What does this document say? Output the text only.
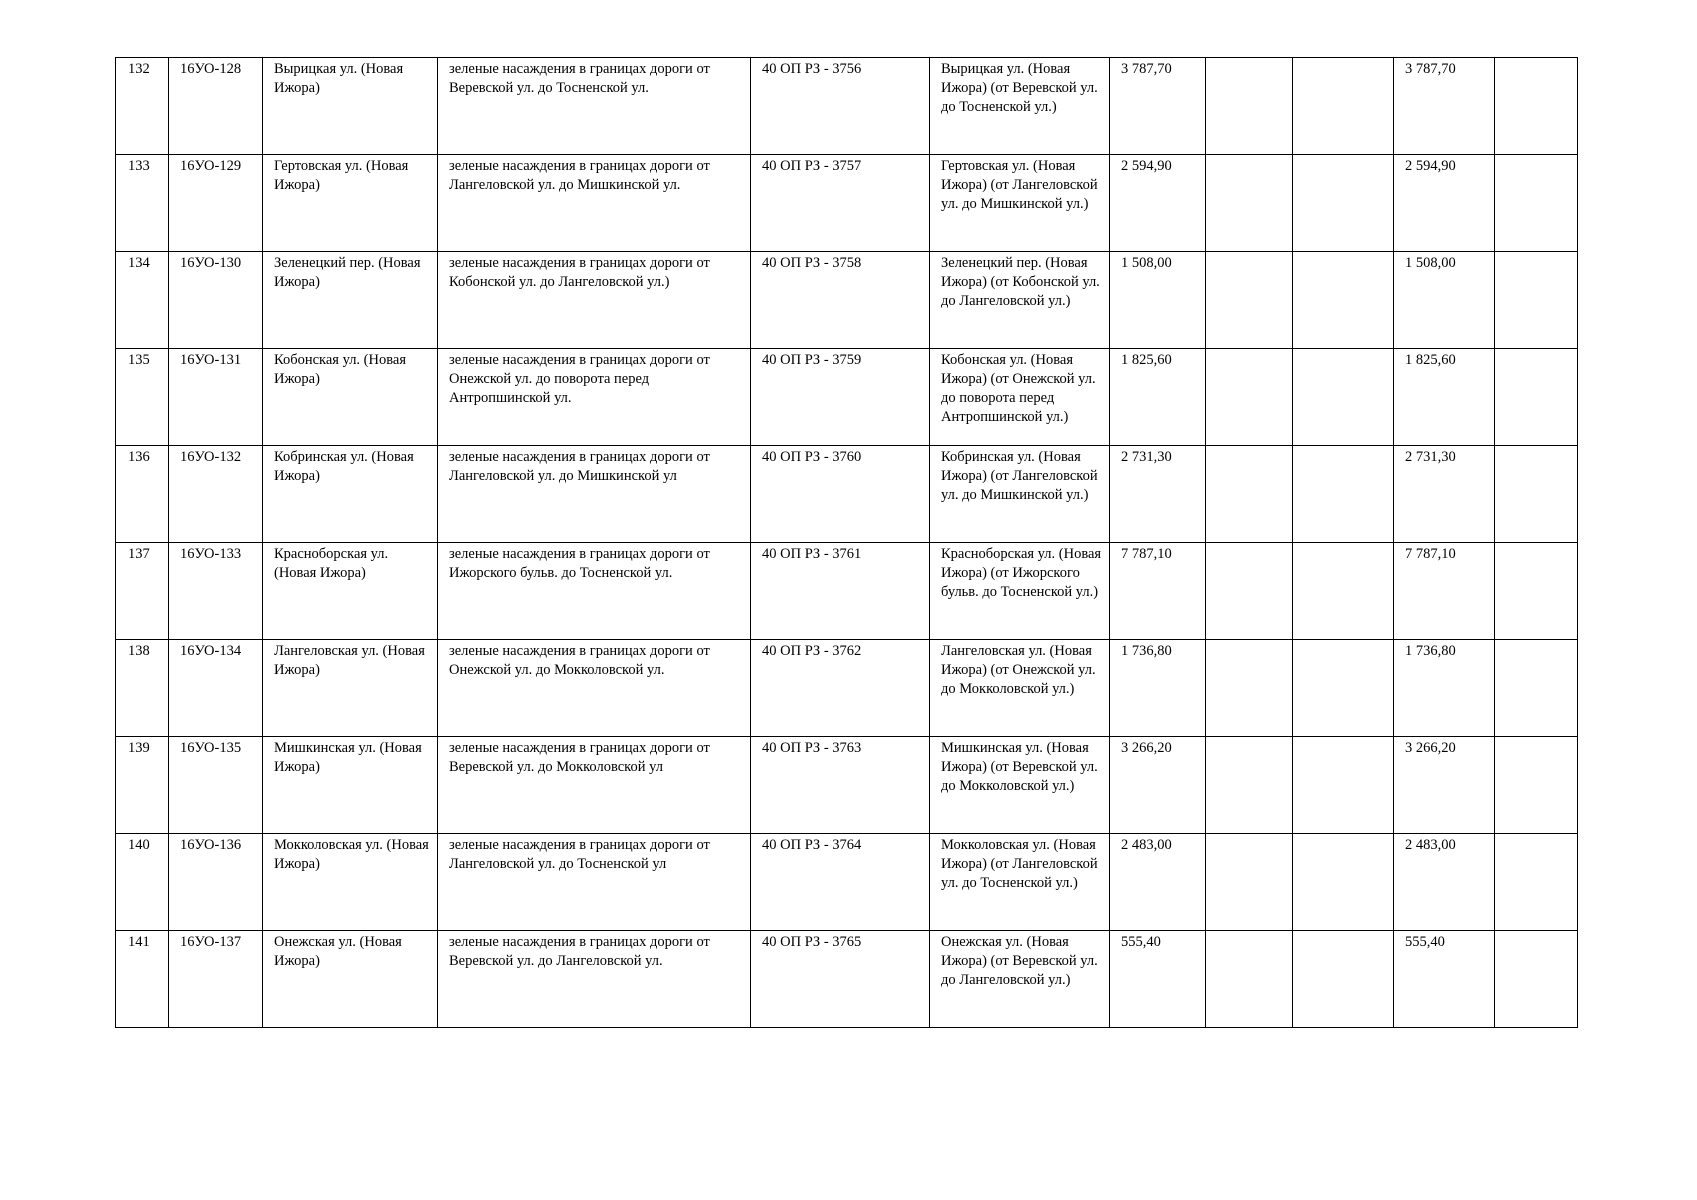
132	16УО-128	Вырицкая ул. (Новая Ижора)	зеленые насаждения в границах дороги от Веревской ул. до Тосненской ул.	40 ОП РЗ - 3756	Вырицкая ул. (Новая Ижора) (от Веревской ул. до Тосненской ул.)	3 787,70			3 787,70	
133	16УО-129	Гертовская ул. (Новая Ижора)	зеленые насаждения в границах дороги от Лангеловской ул. до Мишкинской ул.	40 ОП РЗ - 3757	Гертовская ул. (Новая Ижора) (от Лангеловской ул. до Мишкинской ул.)	2 594,90			2 594,90	
134	16УО-130	Зеленецкий пер. (Новая Ижора)	зеленые насаждения в границах дороги от Кобонской ул. до Лангеловской ул.)	40 ОП РЗ - 3758	Зеленецкий пер. (Новая Ижора) (от Кобонской ул. до Лангеловской ул.)	1 508,00			1 508,00	
135	16УО-131	Кобонская ул. (Новая Ижора)	зеленые насаждения в границах дороги от Онежской ул. до поворота перед Антропшинской ул.	40 ОП РЗ - 3759	Кобонская ул. (Новая Ижора) (от Онежской ул. до поворота перед Антропшинской ул.)	1 825,60			1 825,60	
136	16УО-132	Кобринская ул. (Новая Ижора)	зеленые насаждения в границах дороги от Лангеловской ул. до Мишкинской ул	40 ОП РЗ - 3760	Кобринская ул. (Новая Ижора) (от Лангеловской ул. до Мишкинской ул.)	2 731,30			2 731,30	
137	16УО-133	Красноборская ул. (Новая Ижора)	зеленые насаждения в границах дороги от Ижорского бульв. до Тосненской ул.	40 ОП РЗ - 3761	Красноборская ул. (Новая Ижора) (от Ижорского бульв. до Тосненской ул.)	7 787,10			7 787,10	
138	16УО-134	Лангеловская ул. (Новая Ижора)	зеленые насаждения в границах дороги от Онежской ул. до Мокколовской ул.	40 ОП РЗ - 3762	Лангеловская ул. (Новая Ижора) (от Онежской ул. до Мокколовской ул.)	1 736,80			1 736,80	
139	16УО-135	Мишкинская ул. (Новая Ижора)	зеленые насаждения в границах дороги от Веревской ул. до Мокколовской ул	40 ОП РЗ - 3763	Мишкинская ул. (Новая Ижора) (от Веревской ул. до Мокколовской ул.)	3 266,20			3 266,20	
140	16УО-136	Мокколовская ул. (Новая Ижора)	зеленые насаждения в границах дороги от Лангеловской ул. до Тосненской ул	40 ОП РЗ - 3764	Мокколовская ул. (Новая Ижора) (от Лангеловской ул. до Тосненской ул.)	2 483,00			2 483,00	
141	16УО-137	Онежская ул. (Новая Ижора)	зеленые насаждения в границах дороги от Веревской ул. до Лангеловской ул.	40 ОП РЗ - 3765	Онежская ул. (Новая Ижора) (от Веревской ул. до Лангеловской ул.)	555,40			555,40	
